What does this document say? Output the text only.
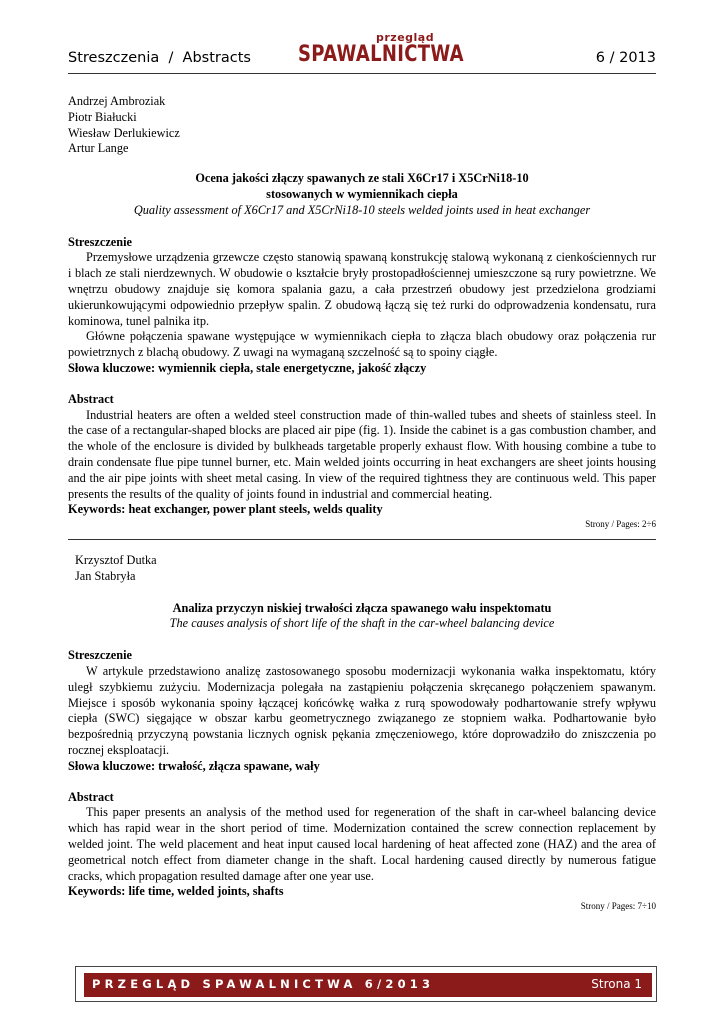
Streszczenia  /  Abstracts
przegląd
SPAWALNICTWA	6 / 2013
Andrzej Ambroziak
Piotr Białucki
Wiesław Derlukiewicz
Artur Lange
Ocena jakości złączy spawanych ze stali X6Cr17 i X5CrNi18-10
stosowanych w wymiennikach ciepła
Quality assessment of X6Cr17 and X5CrNi18-10 steels welded joints used in heat exchanger
Streszczenie
Przemysłowe urządzenia grzewcze często stanowią spawaną konstrukcję stalową wykonaną z cienkościennych rur i blach ze stali nierdzewnych. W obudowie o kształcie bryły prostopadłościennej umieszczone są rury powietrzne. We wnętrzu obudowy znajduje się komora spalania gazu, a cała przestrzeń obudowy jest przedzielona grodziami ukierunkowującymi odpowiednio przepływ spalin. Z obudową łączą się też rurki do odprowadzenia kondensatu, rura kominowa, tunel palnika itp.
Główne połączenia spawane występujące w wymiennikach ciepła to złącza blach obudowy oraz połączenia rur powietrznych z blachą obudowy. Z uwagi na wymaganą szczelność są to spoiny ciągłe.
Słowa kluczowe: wymiennik ciepła, stale energetyczne, jakość złączy
Abstract
Industrial heaters are often a welded steel construction made of thin-walled tubes and sheets of stainless steel. In the case of a rectangular-shaped blocks are placed air pipe (fig. 1). Inside the cabinet is a gas combustion chamber, and the whole of the enclosure is divided by bulkheads targetable properly exhaust flow. With housing combine a tube to drain condensate flue pipe tunnel burner, etc. Main welded joints occurring in heat exchangers are sheet joints housing and the air pipe joints with sheet metal casing. In view of the required tightness they are continuous weld. This paper presents the results of the quality of joints found in industrial and commercial heating.
Keywords: heat exchanger, power plant steels, welds quality
Strony / Pages: 2÷6
Krzysztof Dutka
Jan Stabryła
Analiza przyczyn niskiej trwałości złącza spawanego wału inspektomatu
The causes analysis of short life of the shaft in the car-wheel balancing device
Streszczenie
W artykule przedstawiono analizę zastosowanego sposobu modernizacji wykonania wałka inspektomatu, który uległ szybkiemu zużyciu. Modernizacja polegała na zastąpieniu połączenia skręcanego połączeniem spawanym. Miejsce i sposób wykonania spoiny łączącej końcówkę wałka z rurą spowodowały podhartowanie strefy wpływu ciepła (SWC) sięgające w obszar karbu geometrycznego związanego ze stopniem wałka. Podhartowanie było bezpośrednią przyczyną powstania licznych ognisk pękania zmęczeniowego, które doprowadziło do zniszczenia po rocznej eksploatacji.
Słowa kluczowe: trwałość, złącza spawane, wały
Abstract
This paper presents an analysis of the method used for regeneration of the shaft in car-wheel balancing device which has rapid wear in the short period of time. Modernization contained the screw connection replacement by welded joint. The weld placement and heat input caused local hardening of heat affected zone (HAZ) and the area of geometrical notch effect from diameter change in the shaft. Local hardening caused directly by numerous fatigue cracks, which propagation resulted damage after one year use.
Keywords: life time, welded joints, shafts
Strony / Pages: 7÷10
PRZEGLĄD SPAWALNICTWA 6/2013	Strona 1
